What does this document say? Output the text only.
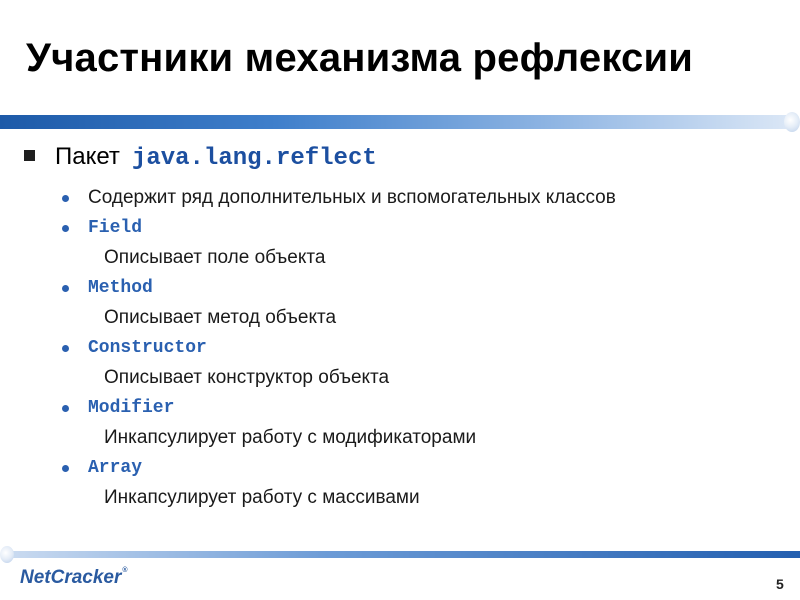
Участники механизма рефлексии
Пакет java.lang.reflect
Содержит ряд дополнительных и вспомогательных классов
Field
Описывает поле объекта
Method
Описывает метод объекта
Constructor
Описывает конструктор объекта
Modifier
Инкапсулирует работу с модификаторами
Array
Инкапсулирует работу с массивами
NetCracker®
5
